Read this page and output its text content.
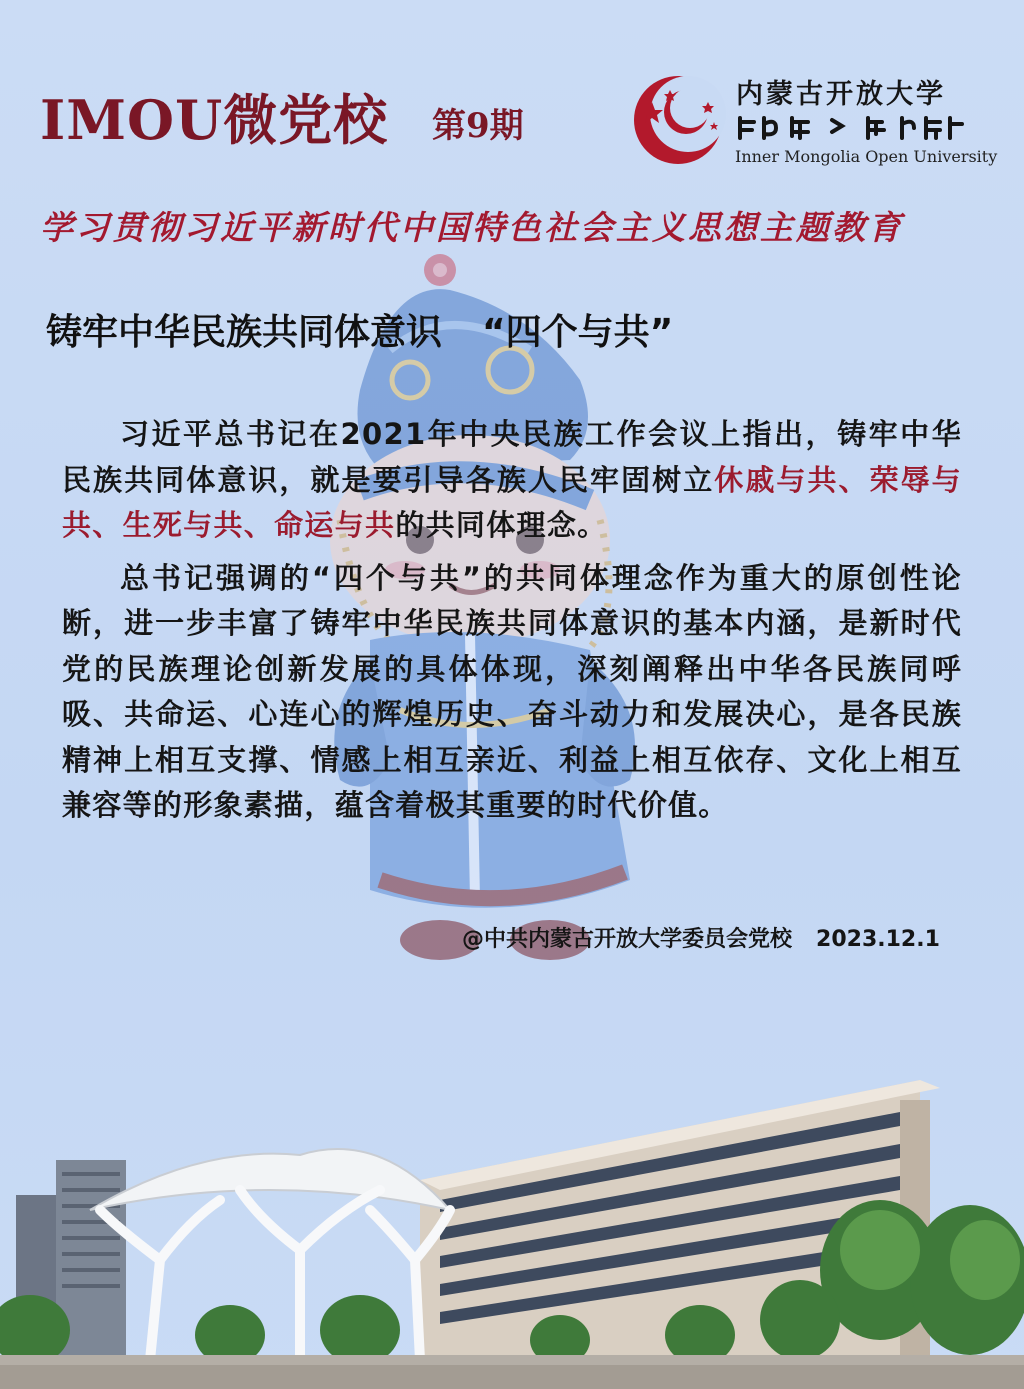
IMOU微党校 第9期
内蒙古开放大学
Inner Mongolia Open University
学习贯彻习近平新时代中国特色社会主义思想主题教育
铸牢中华民族共同体意识 “四个与共”

习近平总书记在2021年中央民族工作会议上指出，铸牢中华民族共同体意识，就是要引导各族人民牢固树立休戚与共、荣辱与共、生死与共、命运与共的共同体理念。

总书记强调的“四个与共”的共同体理念作为重大的原创性论断，进一步丰富了铸牢中华民族共同体意识的基本内涵，是新时代党的民族理论创新发展的具体体现，深刻阐释出中华各民族同呼吸、共命运、心连心的辉煌历史、奋斗动力和发展决心，是各民族精神上相互支撑、情感上相互亲近、利益上相互依存、文化上相互兼容等的形象素描，蕴含着极其重要的时代价值。

@中共内蒙古开放大学委员会党校 2023.12.1
